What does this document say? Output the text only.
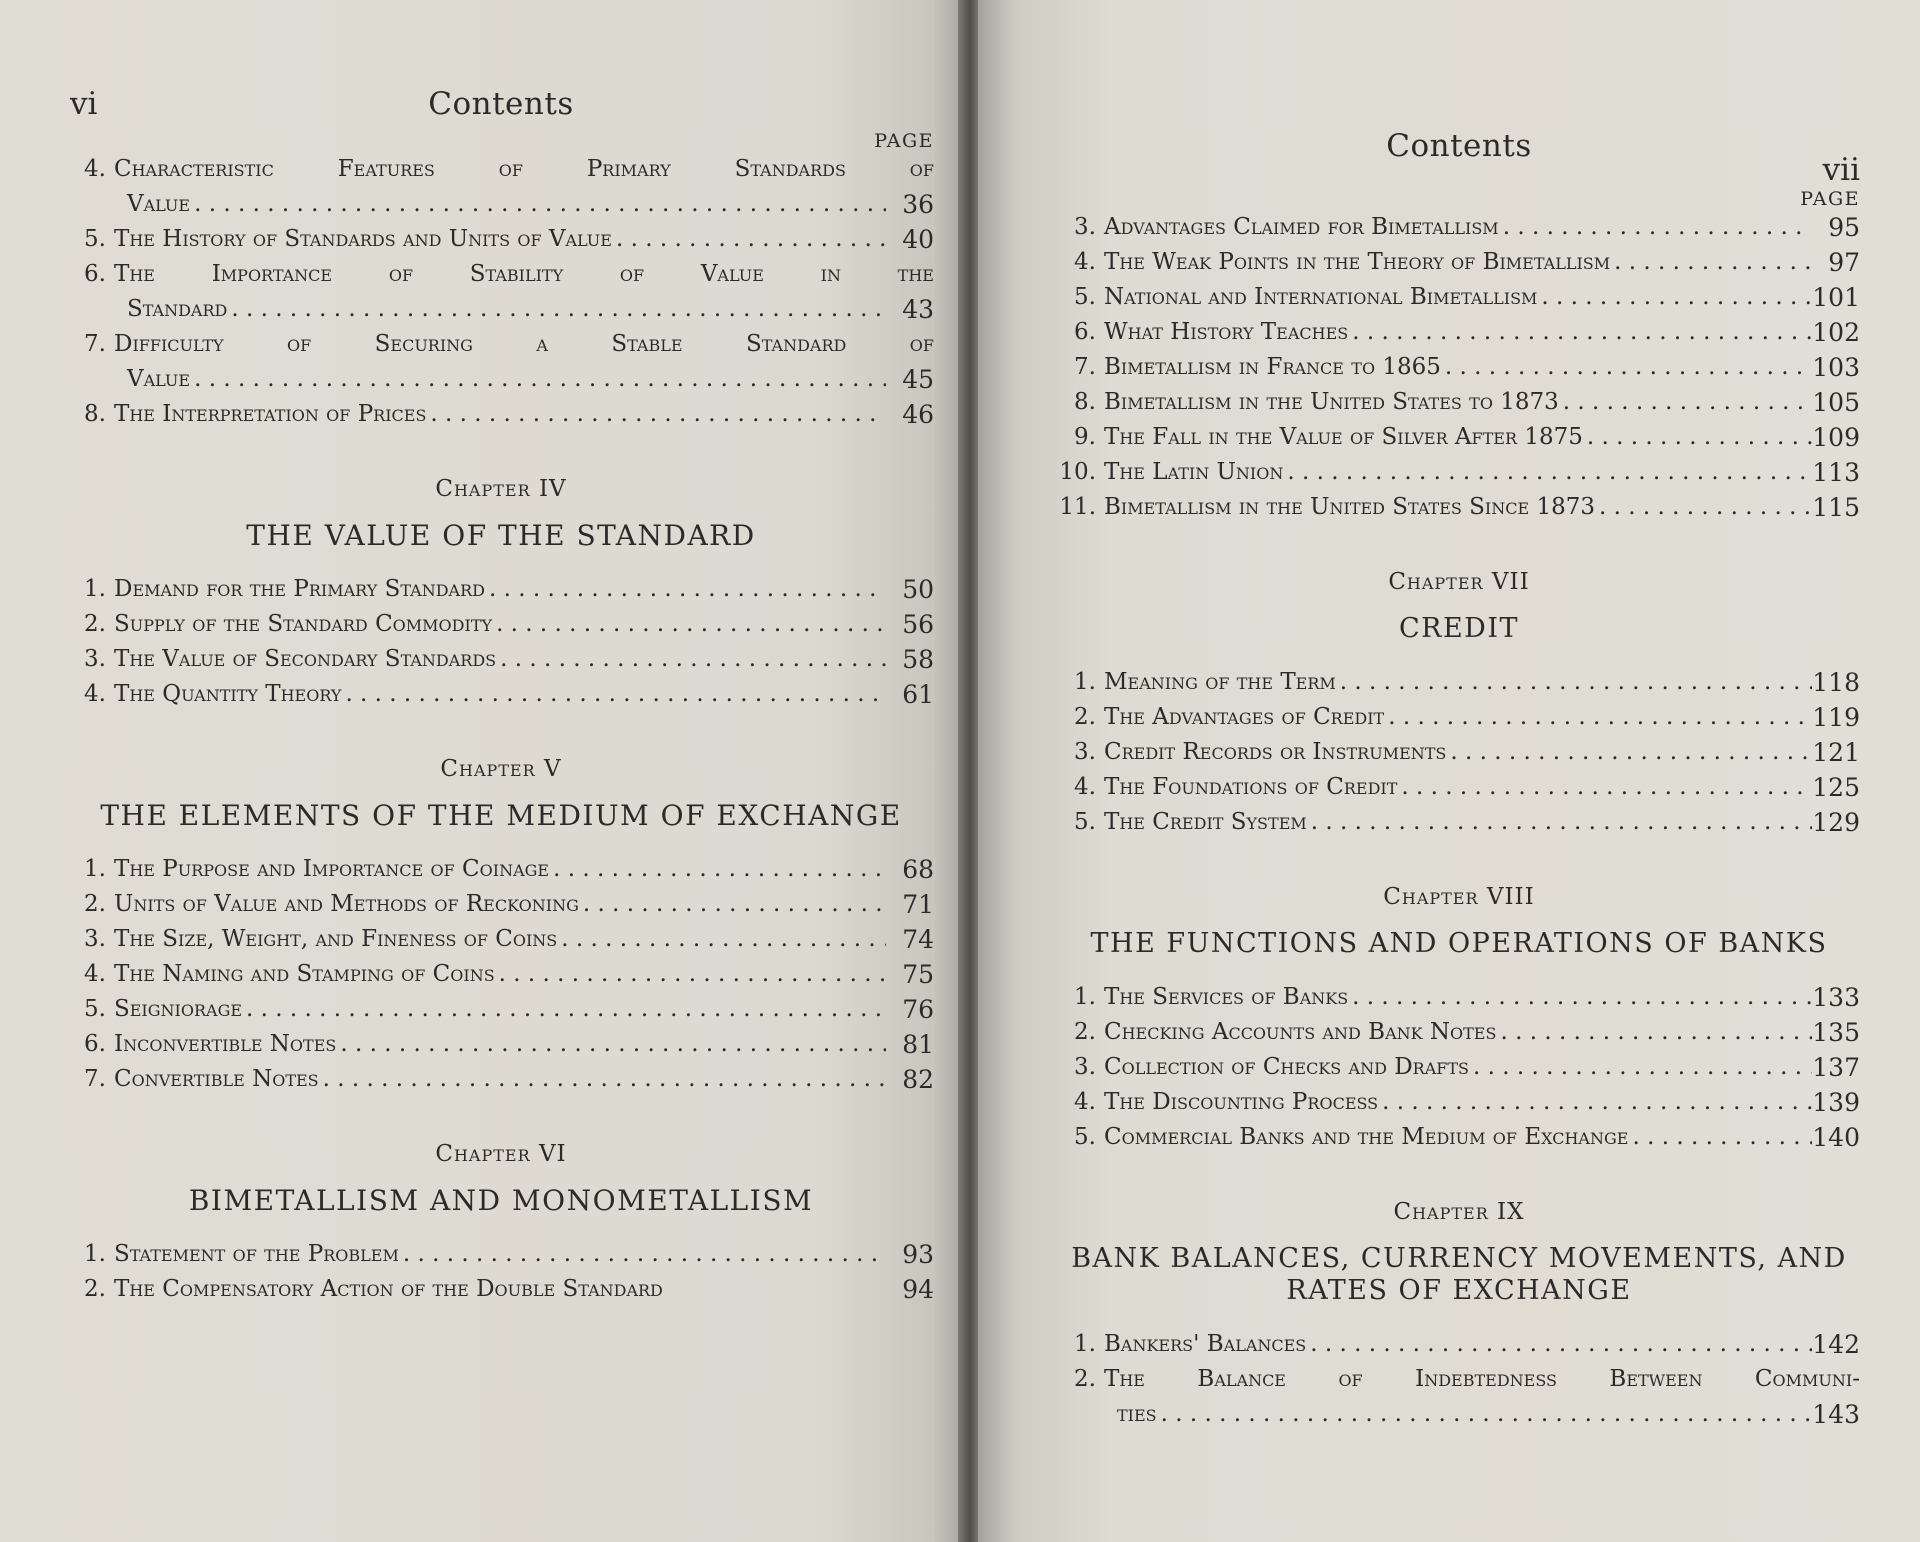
vi	Contents
PAGE
4. Characteristic Features of Primary Standards of
Value . . .	36
5. The History of Standards and Units of Value . . .	40
6. The Importance of Stability of Value in the
Standard . . .	43
7. Difficulty of Securing a Stable Standard of
Value . . .	45
8. The Interpretation of Prices . . .	46
Chapter IV
THE VALUE OF THE STANDARD
1. Demand for the Primary Standard . . .	50
2. Supply of the Standard Commodity . . .	56
3. The Value of Secondary Standards . . .	58
4. The Quantity Theory . . .	61
Chapter V
THE ELEMENTS OF THE MEDIUM OF EXCHANGE
1. The Purpose and Importance of Coinage . . .	68
2. Units of Value and Methods of Reckoning . . .	71
3. The Size, Weight, and Fineness of Coins . . .	74
4. The Naming and Stamping of Coins . . .	75
5. Seigniorage . . .	76
6. Inconvertible Notes . . .	81
7. Convertible Notes . . .	82
Chapter VI
BIMETALLISM AND MONOMETALLISM
1. Statement of the Problem . . .	93
2. The Compensatory Action of the Double Standard	94
Contents
vii
PAGE
3. Advantages Claimed for Bimetallism . . .	95
4. The Weak Points in the Theory of Bimetallism . . .	97
5. National and International Bimetallism . . .	101
6. What History Teaches . . .	102
7. Bimetallism in France to 1865 . . .	103
8. Bimetallism in the United States to 1873 . . .	105
9. The Fall in the Value of Silver After 1875 . . .	109
10. The Latin Union . . .	113
11. Bimetallism in the United States Since 1873 . . .	115
Chapter VII
CREDIT
1. Meaning of the Term . . .	118
2. The Advantages of Credit . . .	119
3. Credit Records or Instruments . . .	121
4. The Foundations of Credit . . .	125
5. The Credit System . . .	129
Chapter VIII
THE FUNCTIONS AND OPERATIONS OF BANKS
1. The Services of Banks . . .	133
2. Checking Accounts and Bank Notes . . .	135
3. Collection of Checks and Drafts . . .	137
4. The Discounting Process . . .	139
5. Commercial Banks and the Medium of Exchange . . .	140
Chapter IX
BANK BALANCES, CURRENCY MOVEMENTS, AND RATES OF EXCHANGE
1. Bankers' Balances . . .	142
2. The Balance of Indebtedness Between Communi-
ties . . .	143
